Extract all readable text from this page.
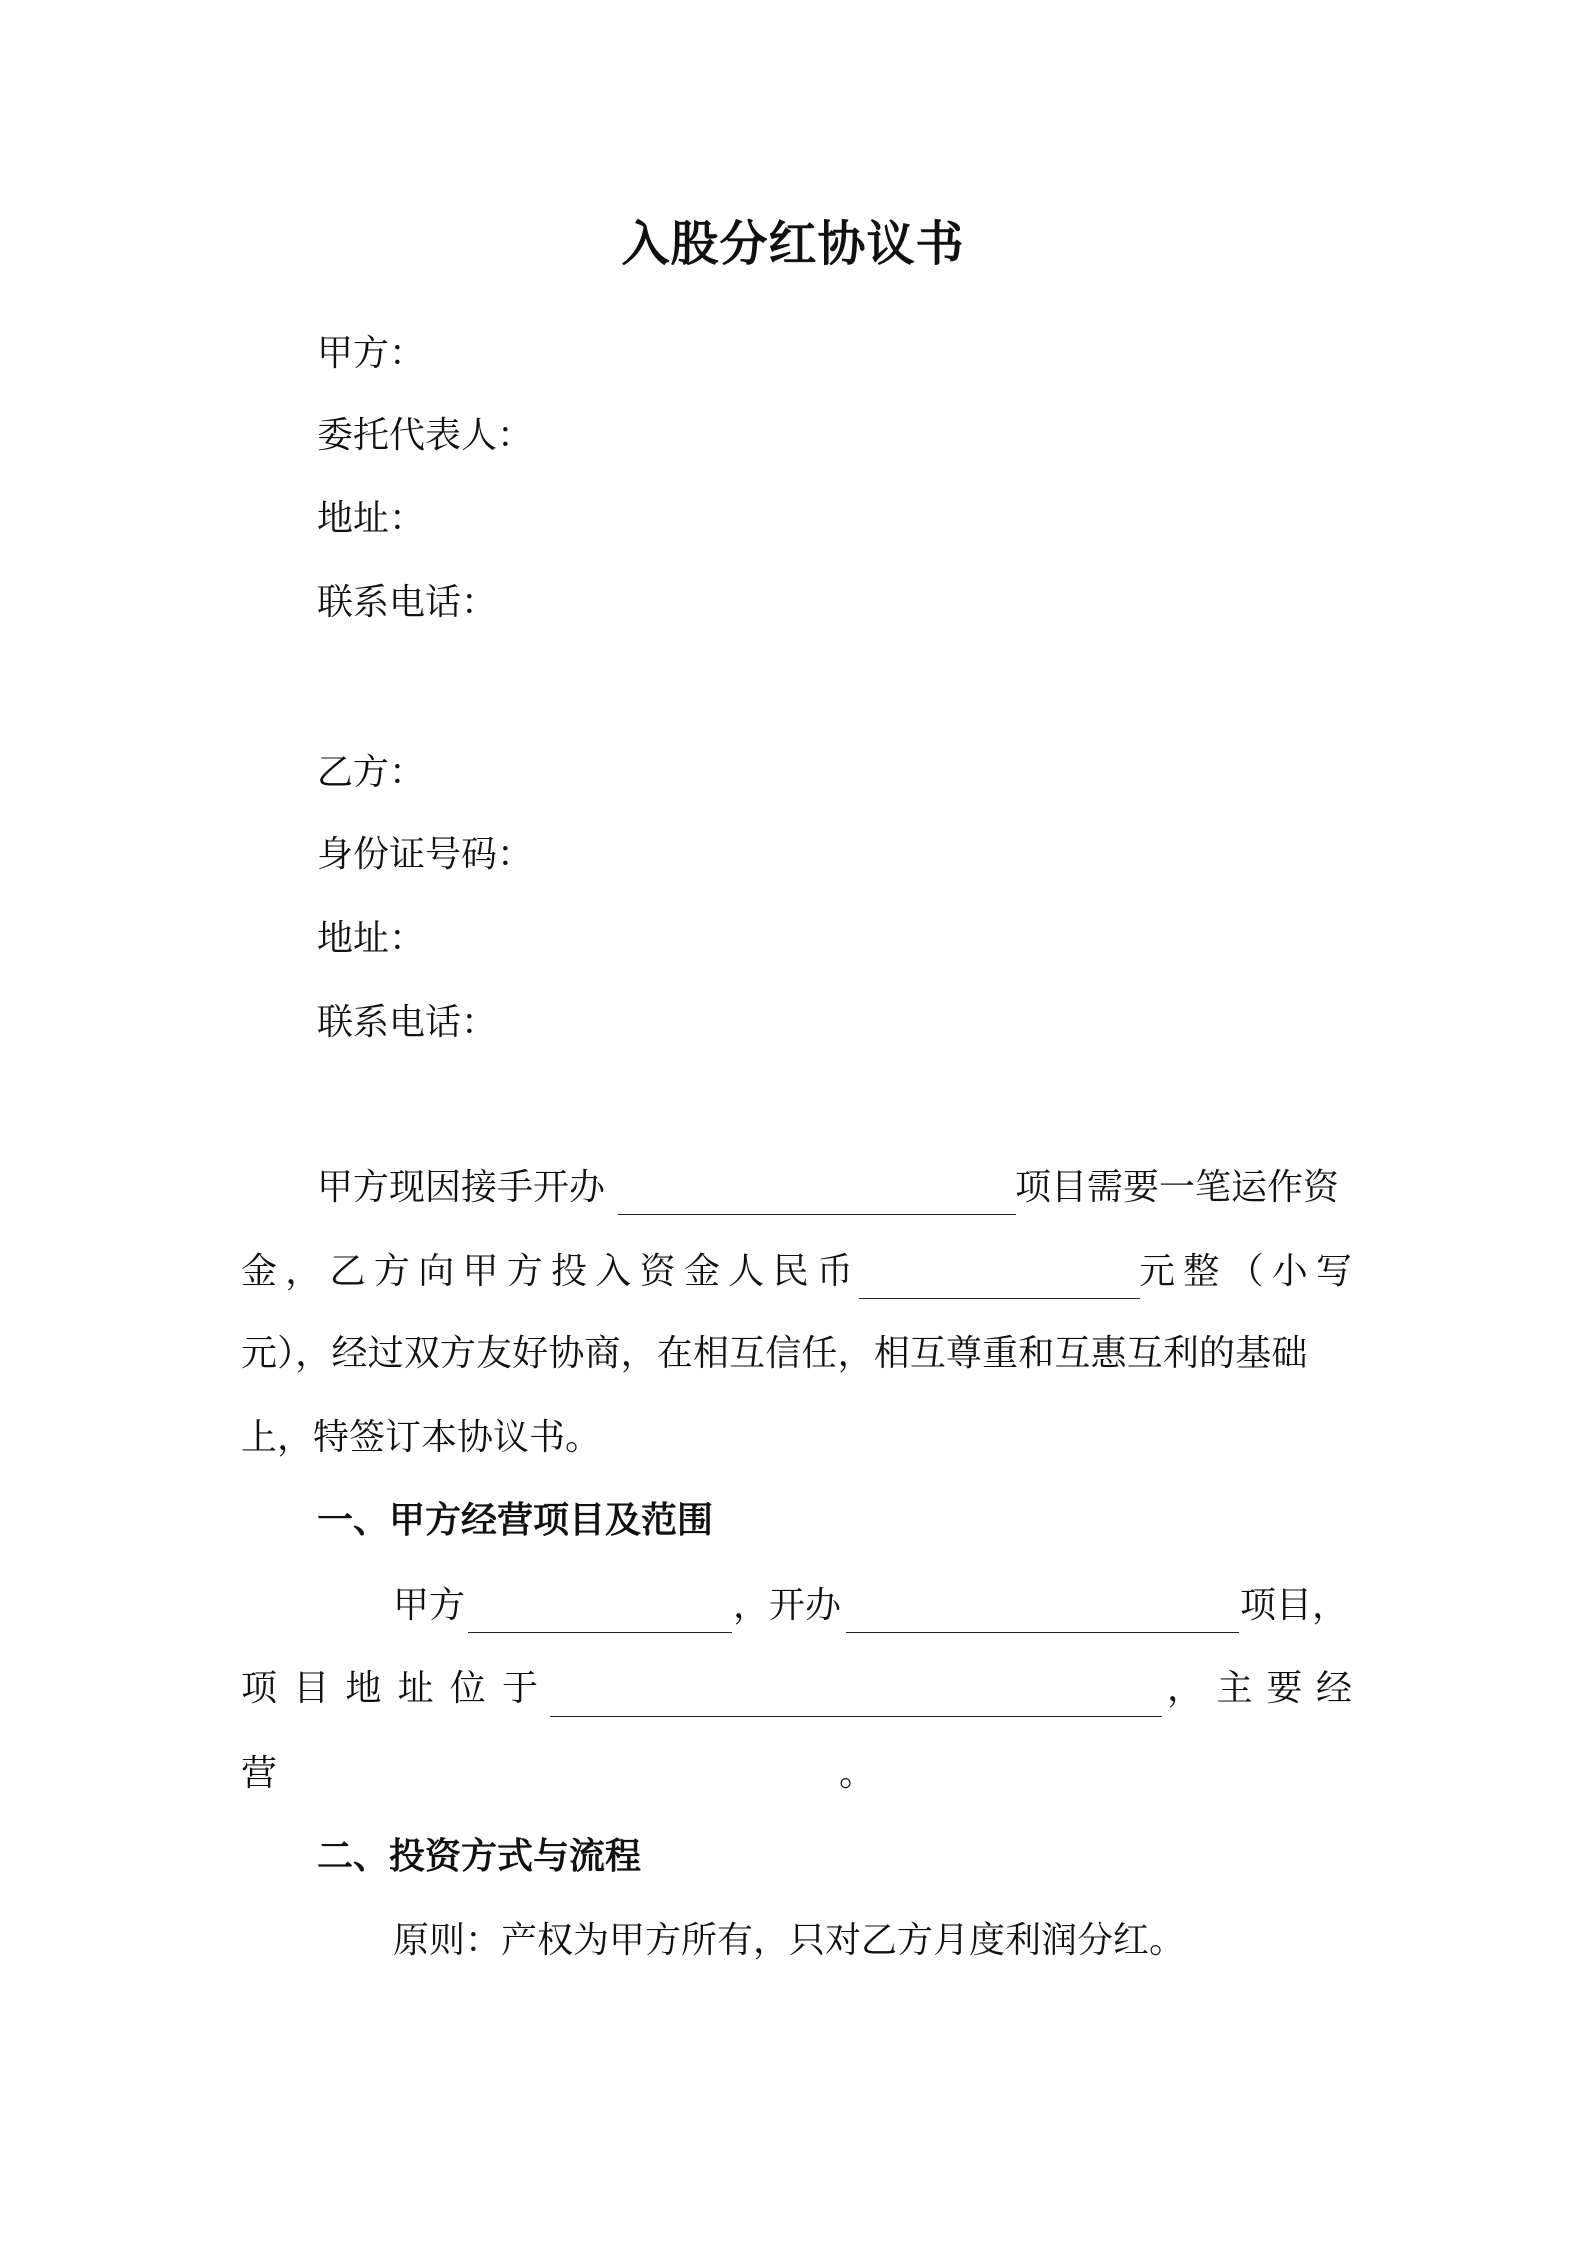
入股分红协议书
甲方：
委托代表人：
地址：
联系电话：
乙方：
身份证号码：
地址：
联系电话：
甲方现因接手开办	项目需要一笔运作资
金 ， 乙 方 向 甲 方 投 入 资 金 人 民 币	元 整 （ 小 写
元），经过双方友好协商，在相互信任，相互尊重和互惠互利的基础
上，特签订本协议书。
一、甲方经营项目及范围
甲方	，开办	项目，
项 目 地 址 位 于	， 主 要 经
营	。
二、投资方式与流程
原则：产权为甲方所有，只对乙方月度利润分红。
